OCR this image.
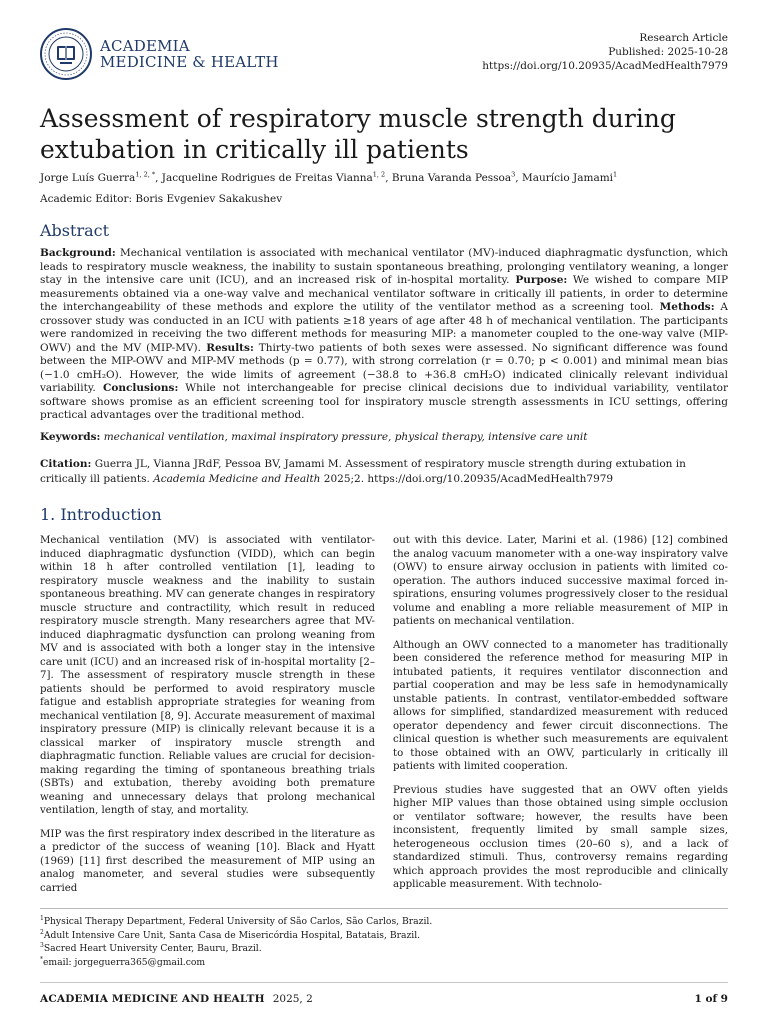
ACADEMIA
MEDICINE & HEALTH
Research Article
Published: 2025-10-28
https://doi.org/10.20935/AcadMedHealth7979
Assessment of respiratory muscle strength during extubation in critically ill patients
Jorge Luís Guerra$^{1, 2, *}$, Jacqueline Rodrigues de Freitas Vianna$^{1, 2}$, Bruna Varanda Pessoa$^3$, Maurício Jamami$^1$
Academic Editor: Boris Evgeniev Sakakushev
Abstract
Background: Mechanical ventilation is associated with mechanical ventilator (MV)-induced diaphragmatic dysfunction, which leads to respiratory muscle weakness, the inability to sustain spontaneous breathing, prolonging ventilatory weaning, a longer stay in the intensive care unit (ICU), and an increased risk of in-hospital mortality. Purpose: We wished to compare MIP measurements obtained via a one-way valve and mechanical ventilator software in critically ill patients, in order to determine the interchangeability of these methods and explore the utility of the ventilator method as a screening tool. Methods: A crossover study was conducted in an ICU with patients ≥18 years of age after 48 h of mechanical ventilation. The participants were randomized in receiving the two different methods for measuring MIP: a manometer coupled to the one-way valve (MIP-OWV) and the MV (MIP-MV). Results: Thirty-two patients of both sexes were assessed. No significant difference was found between the MIP-OWV and MIP-MV methods (p = 0.77), with strong correlation (r = 0.70; p < 0.001) and minimal mean bias (−1.0 cmH₂O). However, the wide limits of agreement (−38.8 to +36.8 cmH₂O) indicated clinically relevant individual variability. Conclusions: While not interchangeable for precise clinical decisions due to individual variability, ventilator software shows promise as an efficient screening tool for inspiratory muscle strength assessments in ICU settings, offering practical advantages over the traditional method.
Keywords: mechanical ventilation, maximal inspiratory pressure, physical therapy, intensive care unit
Citation: Guerra JL, Vianna JRdF, Pessoa BV, Jamami M. Assessment of respiratory muscle strength during extubation in critically ill patients. Academia Medicine and Health 2025;2. https://doi.org/10.20935/AcadMedHealth7979
1. Introduction

Mechanical ventilation (MV) is associated with ventilator-induced diaphragmatic dysfunction (VIDD), which can begin within 18 h after controlled ventilation [1], leading to respiratory muscle weakness and the inability to sustain spontaneous breathing. MV can generate changes in respiratory muscle structure and contractility, which result in reduced respiratory muscle strength. Many researchers agree that MV-induced diaphragmatic dysfunction can prolong weaning from MV and is associated with both a longer stay in the intensive care unit (ICU) and an increased risk of in-hospital mortality [2–7]. The assessment of respiratory muscle strength in these patients should be performed to avoid respiratory muscle fatigue and establish appropriate strategies for weaning from mechanical ventilation [8, 9]. Accurate measurement of maximal inspiratory pressure (MIP) is clinically relevant because it is a classical marker of inspiratory muscle strength and diaphragmatic function. Reliable values are crucial for decision-making regarding the timing of spontaneous breathing trials (SBTs) and extubation, thereby avoiding both premature weaning and unnecessary delays that prolong mechanical ventilation, length of stay, and mortality.

MIP was the first respiratory index described in the literature as a predictor of the success of weaning [10]. Black and Hyatt (1969) [11] first described the measurement of MIP using an analog manometer, and several studies were subsequently carried

out with this device. Later, Marini et al. (1986) [12] combined the analog vacuum manometer with a one-way inspiratory valve (OWV) to ensure airway occlusion in patients with limited co-operation. The authors induced successive maximal forced in-spirations, ensuring volumes progressively closer to the residual volume and enabling a more reliable measurement of MIP in patients on mechanical ventilation.

Although an OWV connected to a manometer has traditionally been considered the reference method for measuring MIP in intubated patients, it requires ventilator disconnection and partial cooperation and may be less safe in hemodynamically unstable patients. In contrast, ventilator-embedded software allows for simplified, standardized measurement with reduced operator dependency and fewer circuit disconnections. The clinical question is whether such measurements are equivalent to those obtained with an OWV, particularly in critically ill patients with limited cooperation.

Previous studies have suggested that an OWV often yields higher MIP values than those obtained using simple occlusion or ventilator software; however, the results have been inconsistent, frequently limited by small sample sizes, heterogeneous occlusion times (20–60 s), and a lack of standardized stimuli. Thus, controversy remains regarding which approach provides the most reproducible and clinically applicable measurement. With technolo-

$^1$Physical Therapy Department, Federal University of São Carlos, São Carlos, Brazil.
$^2$Adult Intensive Care Unit, Santa Casa de Misericórdia Hospital, Batatais, Brazil.
$^3$Sacred Heart University Center, Bauru, Brazil.
*email: jorgeguerra365@gmail.com
ACADEMIA MEDICINE AND HEALTH 2025, 2	1 of 9
